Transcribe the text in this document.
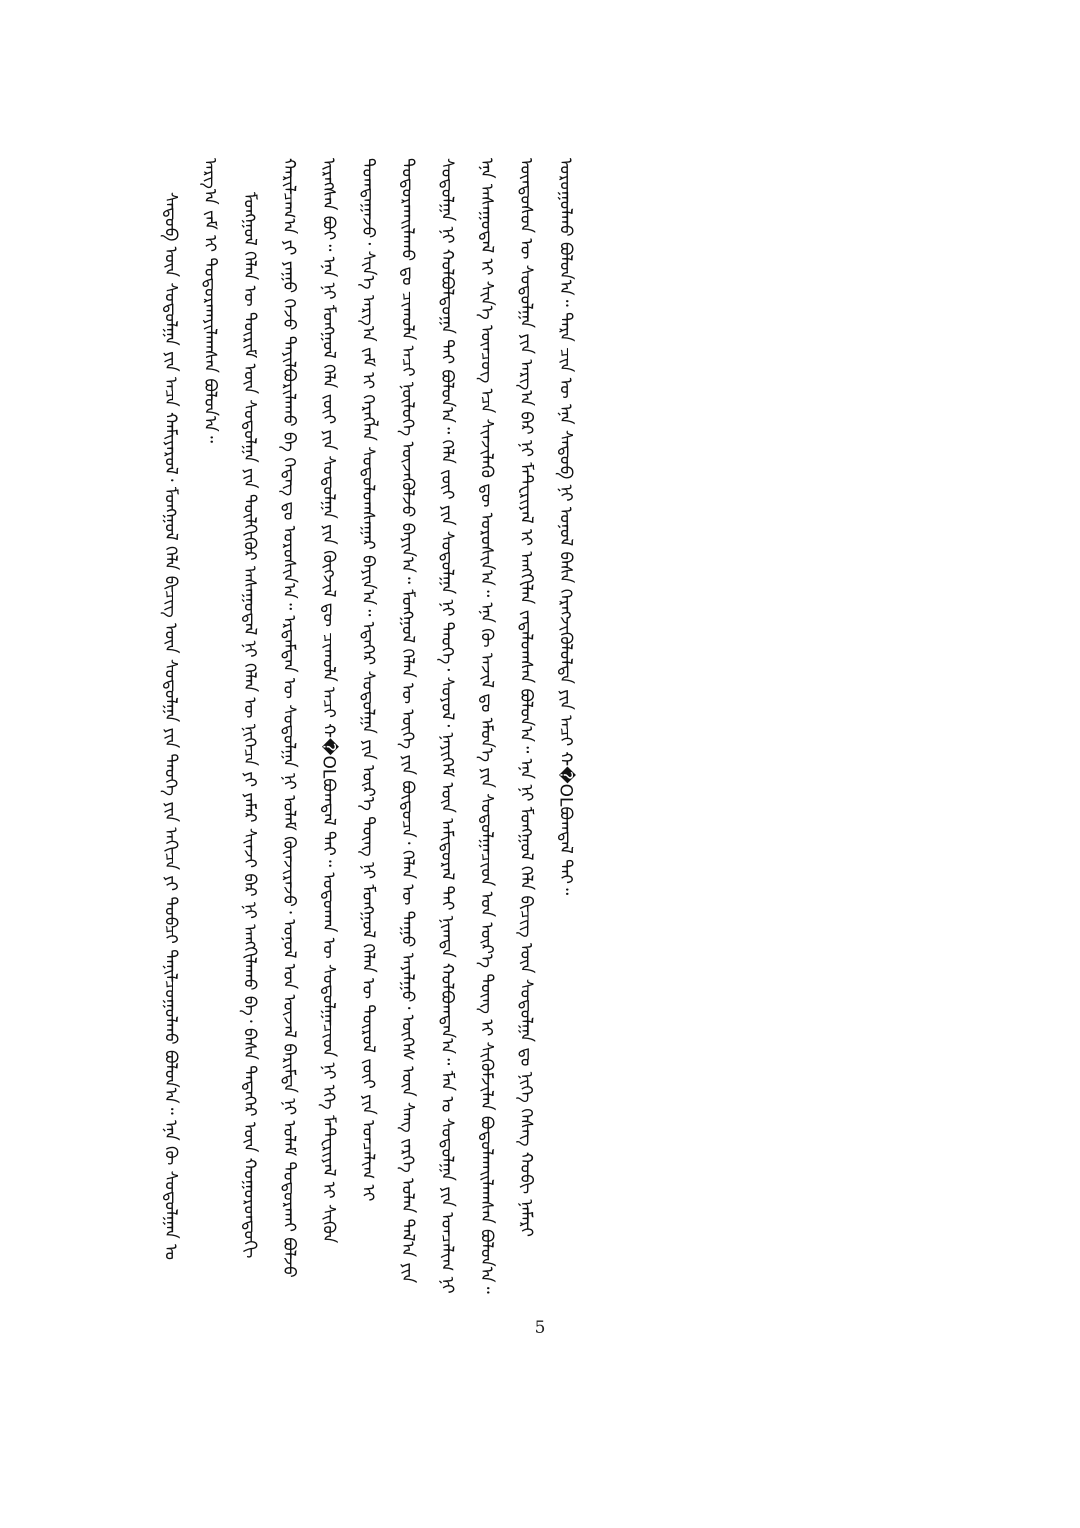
ᠰᠡᠳᠦᠪ ᠦᠨ ᠰᠤᠳᠤᠯᠭᠠ ᠶᠢᠨ ᠠᠴᠠ ᠬᠠᠮᠢᠶᠠᠷᠤᠯ᠂ ᠮᠣᠩᠭᠣᠯ ᠬᠡᠯᠡ ᠪᠢᠴᠢᠭ ᠦᠨ ᠰᠤᠳᠤᠯᠭᠠ ᠶᠢᠨ ᠲᠡᠦᠬᠡ ᠶᠢᠨ ᠠᠬᠢᠴᠠ ᠶᠢ ᠲᠣᠪᠴᠢ ᠲᠠᠨᠢᠯᠴᠤᠭᠤᠯᠬᠤ ᠪᠤᠯᠤᠨ᠎ᠠ᠃ ᠡᠨᠡ ᠬᠦ ᠰᠤᠳᠤᠯᠭᠠᠨ ᠤ ᠠᠷᠭ᠎ᠠ ᠵᠠᠮ ᠢ ᠲᠣᠳᠤᠷᠬᠠᠶᠢᠯᠠᠭᠰᠠᠨ ᠪᠣᠯᠤᠨ᠎ᠠ᠃	ᠮᠣᠩᠭᠣᠯ ᠬᠡᠯᠡᠨ ᠦ ᠳᠦᠷᠢᠮ ᠦᠨ ᠰᠤᠳᠤᠯᠭᠠ ᠶᠢᠨ ᠲᠦᠯᠬᠢᠭᠦᠷ ᠠᠰᠠᠭᠤᠳᠠᠯ ᠨᠢ ᠬᠡᠯᠡᠨ ᠦ ᠨᠢᠭᠡᠴᠡ ᠶᠢ ᠶᠠᠮᠠᠷ ᠰᠢᠨᠵᠢ ᠪᠡᠷ ᠨᠢ ᠠᠩᠭᠢᠯᠠᠬᠤ ᠪᠡ᠂ ᠪᠠᠰᠠ ᠲᠡᠳᠡᠭᠡᠷ ᠦᠨ ᠬᠣᠭᠣᠷᠣᠨᠳᠤᠬᠢ ᠬᠠᠷᠢᠯᠴᠠᠭ᠎ᠠ ᠶᠢ ᠶᠠᠭᠤ ᠭᠡᠵᠦ ᠲᠠᠶᠢᠯᠪᠤᠷᠢᠯᠠᠬᠤ ᠪᠡ ᠭᠡᠳᠡᠭ ᠳᠤ ᠣᠷᠣᠰᠢᠨ᠎ᠠ᠃ ᠡᠷᠳᠡᠮᠲᠡᠨ ᠦ ᠰᠤᠳᠤᠯᠭᠠ ᠨᠢ ᠤᠯᠠᠮ ᠭᠦᠨᠵᠢᠷᠡᠵᠦ᠂ ᠣᠨᠣᠯ ᠤᠨ ᠦᠵᠡᠯ ᠪᠠᠷᠢᠮᠲᠠ ᠨᠢ ᠤᠯᠠᠮ ᠲᠣᠳᠤᠷᠬᠠᠢ ᠪᠣᠯᠵᠤ ᠢᠷᠡᠭᠰᠡᠨ ᠪᠤᠢ᠃ ᠡᠨᠡ ᠨᠢ ᠮᠣᠩᠭᠣᠯ ᠬᠡᠯᠡ ᠵᠦᠢ ᠶᠢᠨ ᠰᠤᠳᠤᠯᠭᠠ ᠶᠢᠨ ᠬᠥᠭᠵᠢᠯ ᠳᠦ ᠴᠢᠬᠤᠯᠠ ᠠᠴᠢ ᠬ�OLᠪᠣᠭᠳᠠᠯ ᠲᠠᠢ᠃ ᠣᠳᠣᠬᠠᠨ ᠦ ᠰᠤᠳᠤᠯᠭᠠᠴᠢᠳ ᠨᠢ ᠡᠬᠡ ᠮᠠᠲᠧᠷᠢᠶᠠᠯ ᠢ ᠰᠢᠭᠦᠨ ᠲᠣᠭᠲᠠᠭᠠᠵᠤ᠂ ᠰᠢᠨ᠎ᠡ ᠠᠷᠭ᠎ᠠ ᠵᠠᠮ ᠢ ᠬᠡᠷᠡᠭᠯᠡᠨ ᠰᠤᠳᠤᠯᠤᠭᠰᠠᠭᠠᠷ ᠪᠠᠶᠢᠨ᠎ᠠ᠃ ᠡᠳᠡᠭᠡᠷ ᠰᠤᠳᠤᠯᠭᠠ ᠶᠢᠨ ᠦᠷ᠎ᠡ ᠳᠦᠩ ᠨᠢ ᠮᠣᠩᠭᠣᠯ ᠬᠡᠯᠡᠨ ᠦ ᠲᠥᠷᠦᠯ ᠵᠦᠢ ᠶᠢᠨ ᠣᠨᠴᠠᠯᠢᠭ ᠢ ᠲᠣᠳᠤᠷᠬᠠᠢᠯᠠᠬᠤ ᠳᠤ ᠴᠢᠬᠤᠯᠠ ᠠᠴᠢ ᠨᠦᠯᠦᠭᠡ ᠦᠵᠡᠭᠦᠯᠵᠦ ᠪᠠᠶᠢᠨ᠎ᠠ᠃ ᠮᠣᠩᠭᠣᠯ ᠬᠡᠯᠡᠨ ᠦ ᠦᠭᠡ ᠶᠢᠨ ᠪᠦᠲᠦᠴᠡ᠂ ᠬᠡᠯᠡᠨ ᠦ ᠳᠠᠭᠤ ᠠᠶᠠᠯᠭᠤ᠂ ᠦᠭᠡᠰ ᠦᠨ ᠰᠠᠩ ᠵᠡᠷᠭᠡ ᠣᠯᠠᠨ ᠲᠠᠯ᠎ᠠ ᠶᠢᠨ ᠰᠤᠳᠤᠯᠭᠠ ᠨᠢ ᠬᠣᠯᠪᠣᠯᠳᠤᠭᠠ ᠲᠠᠢ ᠪᠣᠯᠤᠨ᠎ᠠ᠃ ᠬᠡᠯᠡ ᠵᠦᠢ ᠶᠢᠨ ᠰᠤᠳᠤᠯᠭᠠ ᠨᠢ ᠲᠡᠦᠬᠡ᠂ ᠰᠣᠶᠣᠯ᠂ ᠨᠡᠶᠢᠭᠡᠮ ᠦᠨ ᠠᠮᠢᠳᠤᠷᠠᠯ ᠲᠠᠢ ᠨᠢᠭᠲᠠ ᠬᠣᠯᠪᠣᠭᠳᠠᠨ᠎ᠠ᠃ ᠮᠠᠨ ᠤ ᠰᠤᠳᠤᠯᠭᠠ ᠶᠢᠨ ᠣᠨᠴᠠᠯᠢᠭ ᠨᠢ ᠡᠨᠡ ᠠᠰᠠᠭᠤᠳᠠᠯ ᠢ ᠰᠢᠨ᠎ᠡ ᠥᠨᠴᠦᠭ ᠡᠴᠡ ᠰᠢᠨᠵᠢᠯᠡᠬᠦ ᠳᠦ ᠣᠷᠣᠰᠢᠨ᠎ᠠ᠃ ᠡᠨᠡ ᠬᠦ ᠠᠵᠢᠯ ᠳᠤ ᠡᠮᠦᠨ᠎ᠡ ᠶᠢᠨ ᠰᠤᠳᠤᠯᠭᠠᠴᠢᠳ ᠤᠨ ᠦᠷ᠎ᠡ ᠳᠦᠩ ᠢ ᠰᠢᠭᠦᠮᠵᠢᠯᠡᠨ ᠪᠣᠳᠣᠯᠬᠠᠢᠯᠠᠭᠰᠠᠨ ᠪᠣᠯᠤᠨ᠎ᠠ᠃ ᠦᠨᠳᠦᠰᠦᠨ ᠦ ᠰᠤᠳᠤᠯᠭᠠ ᠶᠢᠨ ᠠᠷᠭ᠎ᠠ ᠪᠠᠷ ᠨᠢ ᠮᠠᠲᠧᠷᠢᠶᠠᠯ ᠢ ᠠᠩᠭᠢᠯᠠᠨ ᠵᠠᠳᠠᠯᠤᠭᠰᠠᠨ ᠪᠣᠯᠤᠨ᠎ᠠ᠃ ᠡᠨᠡ ᠨᠢ ᠮᠣᠩᠭᠣᠯ ᠬᠡᠯᠡ ᠪᠢᠴᠢᠭ ᠦᠨ ᠰᠤᠳᠤᠯᠭᠠ ᠳᠤ ᠨᠢᠭᠡ ᠬᠡᠰᠡᠭ ᠬᠤᠪᠢ ᠨᠡᠮᠡᠷᠢ ᠣᠷᠤᠭᠤᠯᠬᠤ ᠪᠣᠯᠤᠨ᠎ᠠ᠃ ᠲᠡᠷᠡ ᠴᠢᠨ ᠦ ᠡᠨᠡ ᠰᠡᠳᠦᠪ ᠨᠢ ᠣᠨᠣᠯ ᠪᠠᠰᠠ ᠬᠡᠷᠡᠭᠵᠢᠭᠦᠯᠦᠯᠲᠡ ᠶᠢᠨ ᠠᠴᠢ ᠬ�OLᠪᠣᠭᠳᠠᠯ ᠲᠠᠢ᠃

5
